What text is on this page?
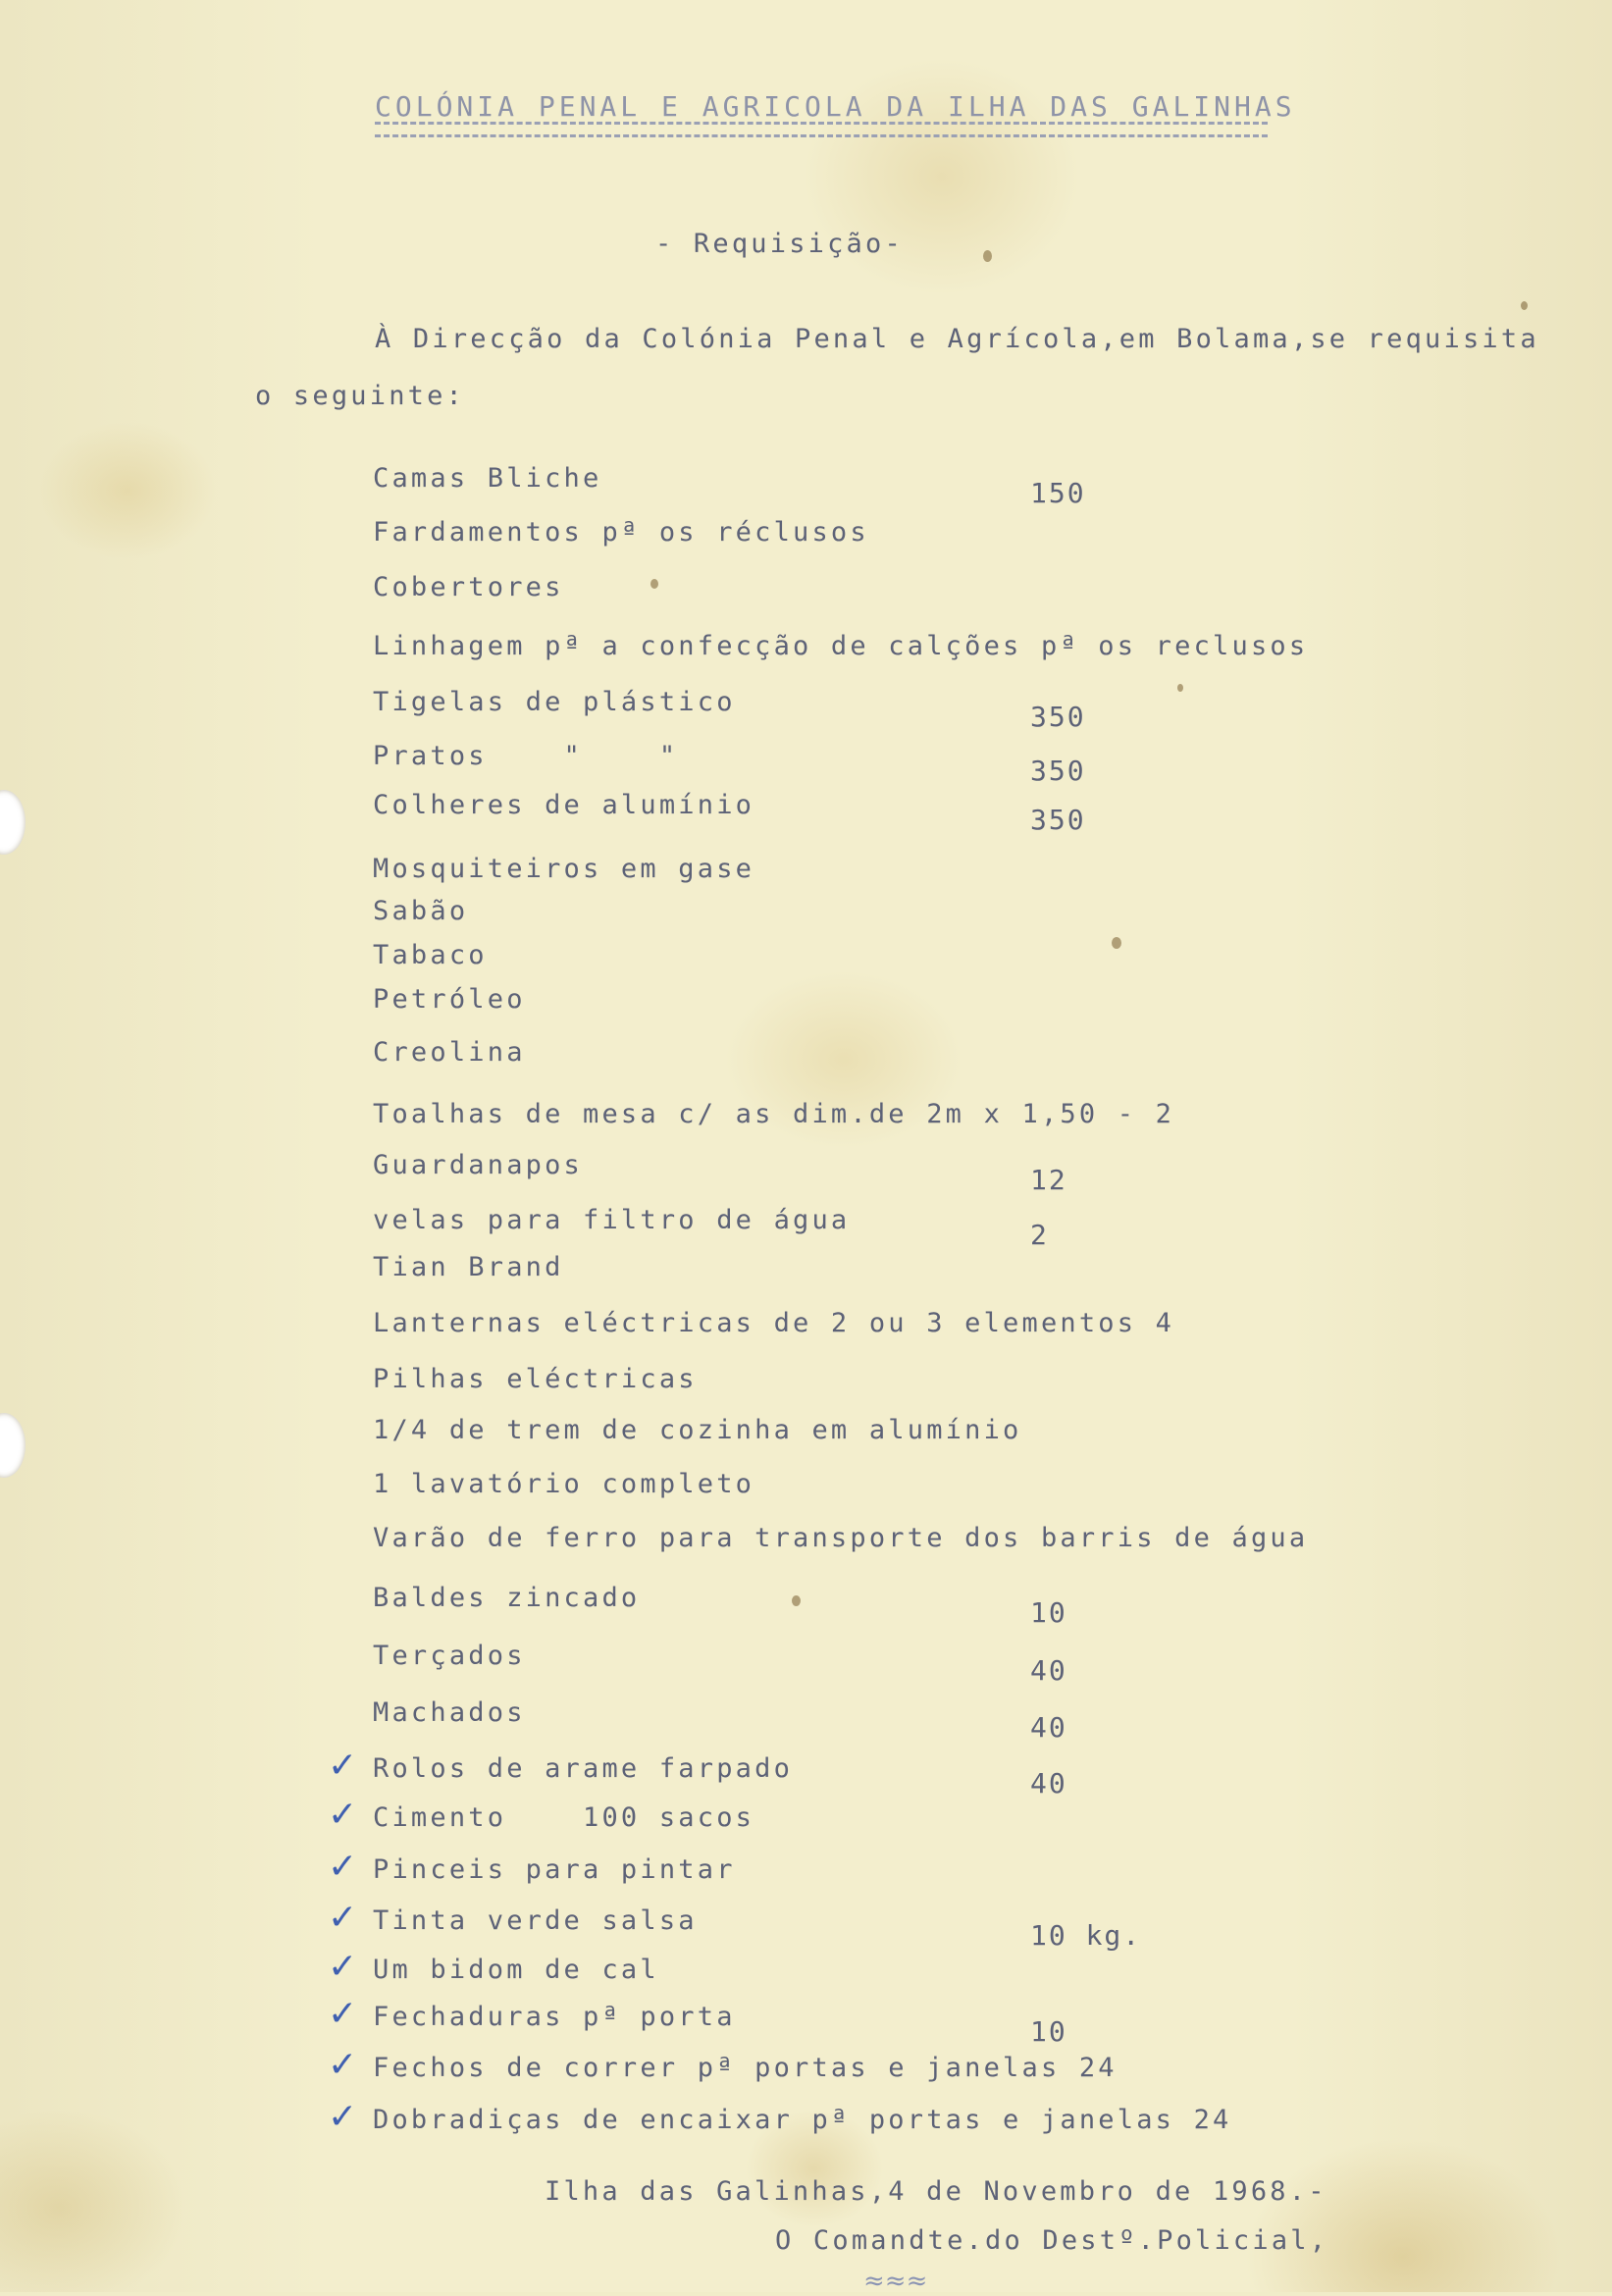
COLÓNIA PENAL E AGRICOLA DA ILHA DAS GALINHAS
- Requisição-
À Direcção da Colónia Penal e Agrícola,em Bolama,se requisita
o seguinte:
Camas Bliche	150
Fardamentos pª os réclusos
Cobertores
Linhagem pª a confecção de calções pª os reclusos
Tigelas de plástico	350
Pratos    "    "	350
Colheres de alumínio	350
Mosquiteiros em gase
Sabão
Tabaco
Petróleo
Creolina
Toalhas de mesa c/ as dim.de 2m x 1,50 - 2
Guardanapos	12
velas para filtro de água	2
Tian Brand
Lanternas eléctricas de 2 ou 3 elementos 4
Pilhas eléctricas
1/4 de trem de cozinha em alumínio
1 lavatório completo
Varão de ferro para transporte dos barris de água
Baldes zincado	10
Terçados	40
Machados	40
Rolos de arame farpado	40
✓
Cimento    100 sacos
✓
Pinceis para pintar
✓
Tinta verde salsa	10 kg.
✓
Um bidom de cal
✓
Fechaduras pª porta	10
✓
Fechos de correr pª portas e janelas 24
✓
Dobradiças de encaixar pª portas e janelas 24
✓
Ilha das Galinhas,4 de Novembro de 1968.-
O Comandte.do Destº.Policial,
≈≈≈
